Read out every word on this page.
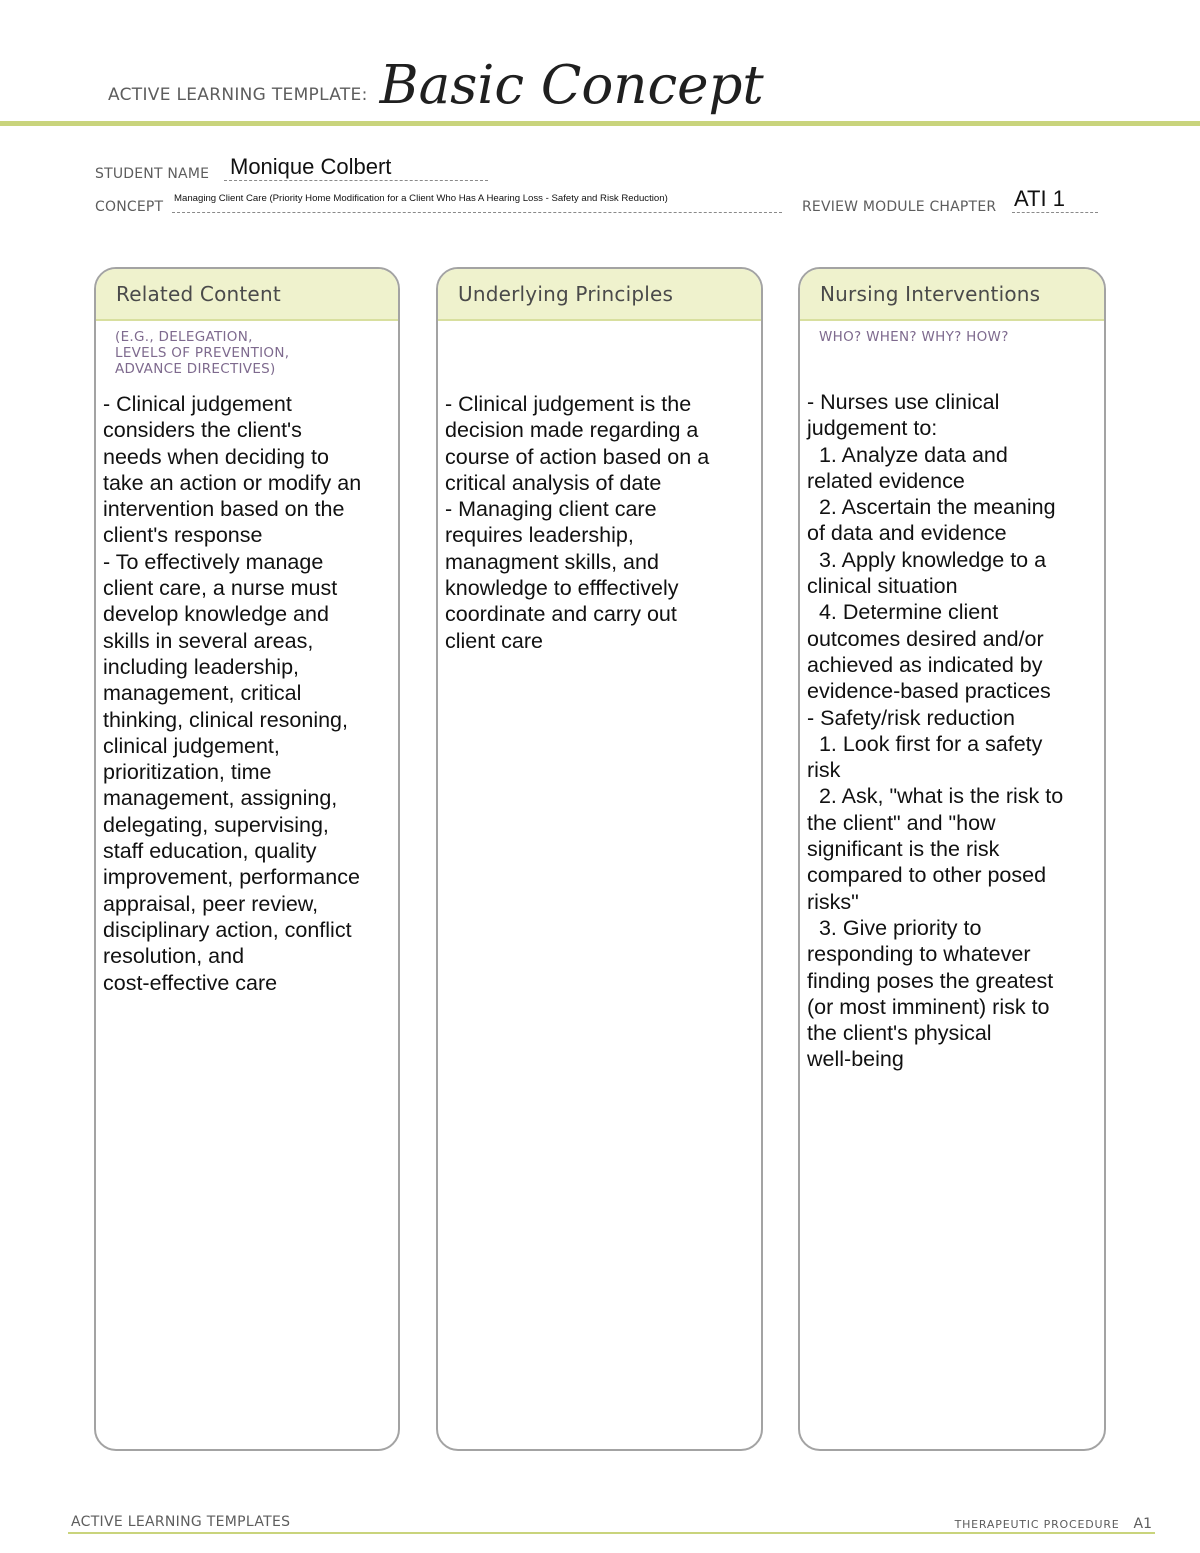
ACTIVE LEARNING TEMPLATE: Basic Concept
STUDENT NAME Monique Colbert
CONCEPT
Managing Client Care (Priority Home Modification for a Client Who Has A Hearing Loss - Safety and Risk Reduction)
REVIEW MODULE CHAPTER ATI 1
Related Content
(E.G., DELEGATION,
LEVELS OF PREVENTION,
ADVANCE DIRECTIVES)
- Clinical judgement
considers the client's
needs when deciding to
take an action or modify an
intervention based on the
client's response
- To effectively manage
client care, a nurse must
develop knowledge and
skills in several areas,
including leadership,
management, critical
thinking, clinical resoning,
clinical judgement,
prioritization, time
management, assigning,
delegating, supervising,
staff education, quality
improvement, performance
appraisal, peer review,
disciplinary action, conflict
resolution, and
cost-effective care
Underlying Principles
- Clinical judgement is the
decision made regarding a
course of action based on a
critical analysis of date
- Managing client care
requires leadership,
managment skills, and
knowledge to efffectively
coordinate and carry out
client care
Nursing Interventions
WHO? WHEN? WHY? HOW?
- Nurses use clinical
judgement to:
1. Analyze data and
related evidence
2. Ascertain the meaning
of data and evidence
3. Apply knowledge to a
clinical situation
4. Determine client
outcomes desired and/or
achieved as indicated by
evidence-based practices
- Safety/risk reduction
1. Look first for a safety
risk
2. Ask, "what is the risk to
the client" and "how
significant is the risk
compared to other posed
risks"
3. Give priority to
responding to whatever
finding poses the greatest
(or most imminent) risk to
the client's physical
well-being
ACTIVE LEARNING TEMPLATES	THERAPEUTIC PROCEDURE A1
